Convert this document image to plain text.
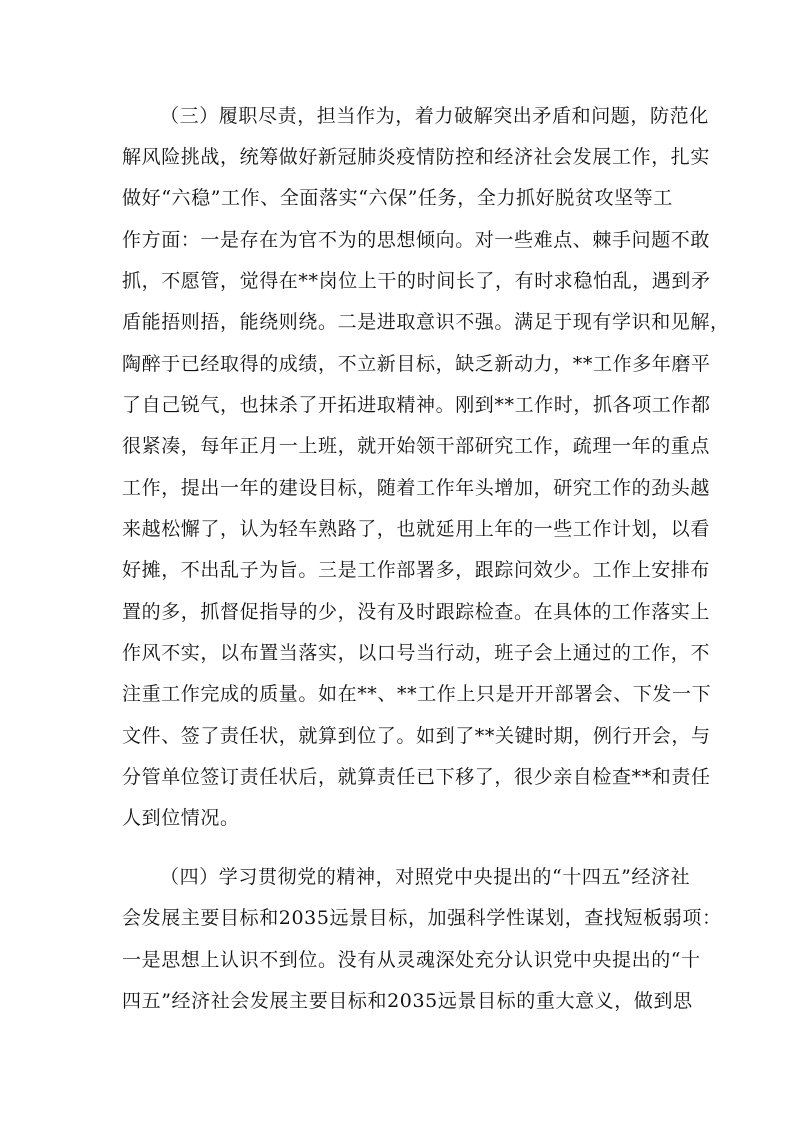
（三）履职尽责，担当作为，着力破解突出矛盾和问题，防范化
解风险挑战，统筹做好新冠肺炎疫情防控和经济社会发展工作，扎实
做好“六稳”工作、全面落实“六保”任务，全力抓好脱贫攻坚等工
作方面：一是存在为官不为的思想倾向。对一些难点、棘手问题不敢
抓，不愿管，觉得在**岗位上干的时间长了，有时求稳怕乱，遇到矛
盾能捂则捂，能绕则绕。二是进取意识不强。满足于现有学识和见解，
陶醉于已经取得的成绩，不立新目标，缺乏新动力，**工作多年磨平
了自己锐气，也抹杀了开拓进取精神。刚到**工作时，抓各项工作都
很紧凑，每年正月一上班，就开始领干部研究工作，疏理一年的重点
工作，提出一年的建设目标，随着工作年头增加，研究工作的劲头越
来越松懈了，认为轻车熟路了，也就延用上年的一些工作计划，以看
好摊，不出乱子为旨。三是工作部署多，跟踪问效少。工作上安排布
置的多，抓督促指导的少，没有及时跟踪检查。在具体的工作落实上
作风不实，以布置当落实，以口号当行动，班子会上通过的工作，不
注重工作完成的质量。如在**、**工作上只是开开部署会、下发一下
文件、签了责任状，就算到位了。如到了**关键时期，例行开会，与
分管单位签订责任状后，就算责任已下移了，很少亲自检查**和责任
人到位情况。
（四）学习贯彻党的精神，对照党中央提出的“十四五”经济社
会发展主要目标和2035远景目标，加强科学性谋划，查找短板弱项：
一是思想上认识不到位。没有从灵魂深处充分认识党中央提出的“十
四五”经济社会发展主要目标和2035远景目标的重大意义，做到思
